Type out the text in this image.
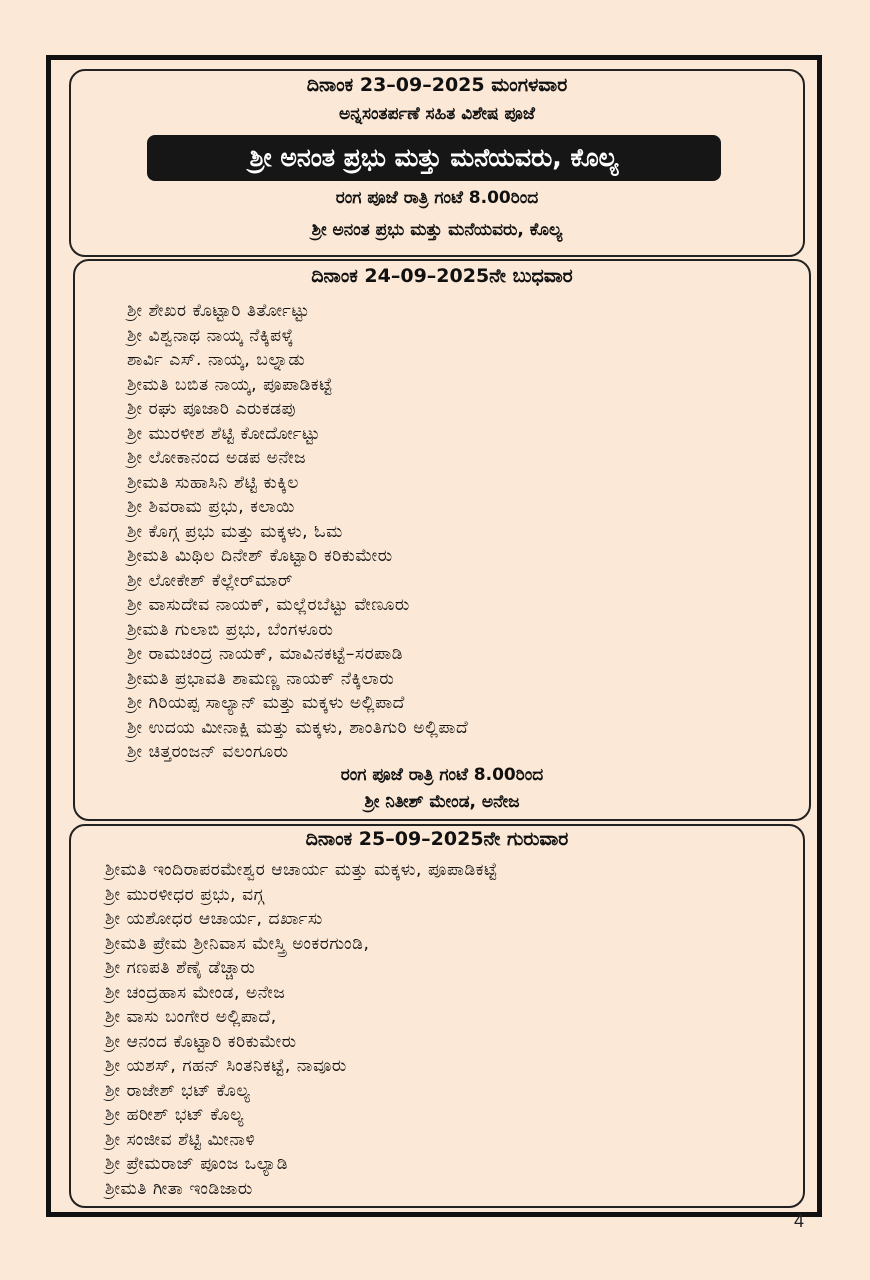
ದಿನಾಂಕ 23–09–2025 ಮಂಗಳವಾರ
ಅನ್ನಸಂತರ್ಪಣೆ ಸಹಿತ ವಿಶೇಷ ಪೂಜೆ
ಶ್ರೀ ಅನಂತ ಪ್ರಭು ಮತ್ತು ಮನೆಯವರು, ಕೊಲ್ಯ
ರಂಗ ಪೂಜೆ ರಾತ್ರಿ ಗಂಟೆ 8.00ರಿಂದ
ಶ್ರೀ ಅನಂತ ಪ್ರಭು ಮತ್ತು ಮನೆಯವರು, ಕೊಲ್ಯ
ದಿನಾಂಕ 24–09–2025ನೇ ಬುಧವಾರ
ಶ್ರೀ ಶೇಖರ ಕೊಟ್ಟಾರಿ ತಿರ್ತೋಟ್ಟು
ಶ್ರೀ ವಿಶ್ವನಾಥ ನಾಯ್ಕ ನೆಕ್ಕಿಪಳ್ಕೆ
ಶಾರ್ವಿ ಎಸ್. ನಾಯ್ಕ, ಬಲ್ನಾಡು
ಶ್ರೀಮತಿ ಬಬಿತ ನಾಯ್ಕ, ಪೂಪಾಡಿಕಟ್ಟೆ
ಶ್ರೀ ರಘು ಪೂಜಾರಿ ಎರುಕಡಪು
ಶ್ರೀ ಮುರಳೀಶ ಶೆಟ್ಟಿ ಕೋರ್ದೋಟ್ಟು
ಶ್ರೀ ಲೋಕಾನಂದ ಅಡಪ ಅನೇಜ
ಶ್ರೀಮತಿ ಸುಹಾಸಿನಿ ಶೆಟ್ಟಿ ಕುಕ್ಕಿಲ
ಶ್ರೀ ಶಿವರಾಮ ಪ್ರಭು, ಕಲಾಯಿ
ಶ್ರೀ ಕೊಗ್ಗ ಪ್ರಭು ಮತ್ತು ಮಕ್ಕಳು, ಓಮ
ಶ್ರೀಮತಿ ಮಿಥಿಲ ದಿನೇಶ್ ಕೊಟ್ಟಾರಿ ಕರಿಕುಮೇರು
ಶ್ರೀ ಲೋಕೇಶ್ ಕೆಲ್ಲೇರ್‌ಮಾರ್
ಶ್ರೀ ವಾಸುದೇವ ನಾಯಕ್, ಮಲ್ಲೆರಬೆಟ್ಟು ವೇಣೂರು
ಶ್ರೀಮತಿ ಗುಲಾಬಿ ಪ್ರಭು, ಬೆಂಗಳೂರು
ಶ್ರೀ ರಾಮಚಂದ್ರ ನಾಯಕ್, ಮಾವಿನಕಟ್ಟೆ–ಸರಪಾಡಿ
ಶ್ರೀಮತಿ ಪ್ರಭಾವತಿ ಶಾಮಣ್ಣ ನಾಯಕ್ ನೆಕ್ಕಿಲಾರು
ಶ್ರೀ ಗಿರಿಯಪ್ಪ ಸಾಲ್ಯಾನ್ ಮತ್ತು ಮಕ್ಕಳು ಅಲ್ಲಿಪಾದೆ
ಶ್ರೀ ಉದಯ ಮೀನಾಕ್ಷಿ ಮತ್ತು ಮಕ್ಕಳು, ಶಾಂತಿಗುರಿ ಅಲ್ಲಿಪಾದೆ
ಶ್ರೀ ಚಿತ್ತರಂಜನ್ ವಲಂಗೂರು
ರಂಗ ಪೂಜೆ ರಾತ್ರಿ ಗಂಟೆ 8.00ರಿಂದ
ಶ್ರೀ ನಿತೀಶ್ ಮೇಂಡ, ಅನೇಜ
ದಿನಾಂಕ 25–09–2025ನೇ ಗುರುವಾರ
ಶ್ರೀಮತಿ ಇಂದಿರಾಪರಮೇಶ್ವರ ಆಚಾರ್ಯ ಮತ್ತು ಮಕ್ಕಳು, ಪೂಪಾಡಿಕಟ್ಟೆ
ಶ್ರೀ ಮುರಳೀಧರ ಪ್ರಭು, ವಗ್ಗ
ಶ್ರೀ ಯಶೋಧರ ಆಚಾರ್ಯ, ದರ್ಖಾಸು
ಶ್ರೀಮತಿ ಪ್ರೇಮ ಶ್ರೀನಿವಾಸ ಮೇಸ್ತ್ರಿ ಅಂಕರಗುಂಡಿ,
ಶ್ರೀ ಗಣಪತಿ ಶೆಣೈ ಡೆಚ್ಚಾರು
ಶ್ರೀ ಚಂದ್ರಹಾಸ ಮೇಂಡ, ಅನೇಜ
ಶ್ರೀ ವಾಸು ಬಂಗೇರ ಅಲ್ಲಿಪಾದೆ,
ಶ್ರೀ ಆನಂದ ಕೊಟ್ಟಾರಿ ಕರಿಕುಮೇರು
ಶ್ರೀ ಯಶಸ್, ಗಹನ್ ಸಿಂತನಿಕಟ್ಟೆ, ನಾವೂರು
ಶ್ರೀ ರಾಜೇಶ್ ಭಟ್ ಕೊಲ್ಯ
ಶ್ರೀ ಹರೀಶ್ ಭಟ್ ಕೊಲ್ಯ
ಶ್ರೀ ಸಂಜೀವ ಶೆಟ್ಟಿ ಮೀನಾಳಿ
ಶ್ರೀ ಪ್ರೇಮರಾಜ್ ಪೂಂಜ ಒಲ್ಯಾಡಿ
ಶ್ರೀಮತಿ ಗೀತಾ ಇಂಡಿಜಾರು
4
